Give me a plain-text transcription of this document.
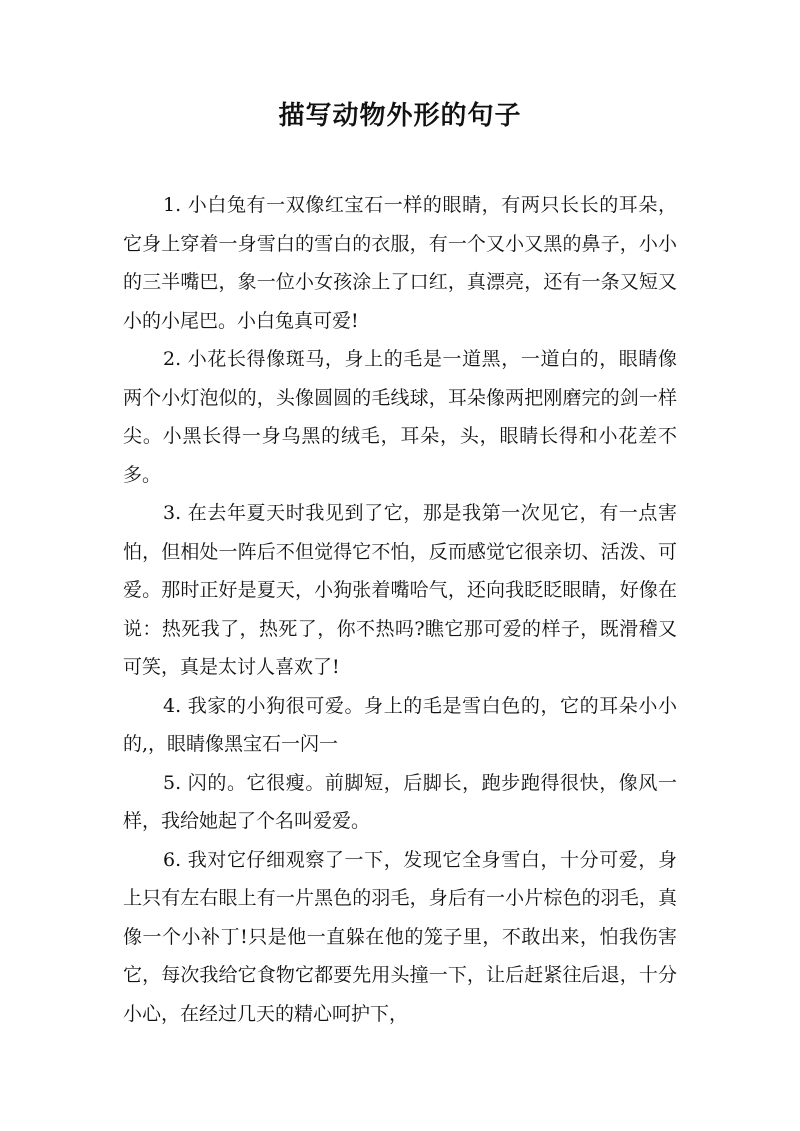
描写动物外形的句子

1. 小白兔有一双像红宝石一样的眼睛，有两只长长的耳朵，它身上穿着一身雪白的雪白的衣服，有一个又小又黑的鼻子，小小的三半嘴巴，象一位小女孩涂上了口红，真漂亮，还有一条又短又小的小尾巴。小白兔真可爱!

2. 小花长得像斑马，身上的毛是一道黑，一道白的，眼睛像两个小灯泡似的，头像圆圆的毛线球，耳朵像两把刚磨完的剑一样尖。小黑长得一身乌黑的绒毛，耳朵，头，眼睛长得和小花差不多。

3. 在去年夏天时我见到了它，那是我第一次见它，有一点害怕，但相处一阵后不但觉得它不怕，反而感觉它很亲切、活泼、可爱。那时正好是夏天，小狗张着嘴哈气，还向我眨眨眼睛，好像在说：热死我了，热死了，你不热吗?瞧它那可爱的样子，既滑稽又可笑，真是太讨人喜欢了!

4. 我家的小狗很可爱。身上的毛是雪白色的，它的耳朵小小的,，眼睛像黑宝石一闪一

5. 闪的。它很瘦。前脚短，后脚长，跑步跑得很快，像风一样，我给她起了个名叫爱爱。

6. 我对它仔细观察了一下，发现它全身雪白，十分可爱，身上只有左右眼上有一片黑色的羽毛，身后有一小片棕色的羽毛，真像一个小补丁!只是他一直躲在他的笼子里，不敢出来，怕我伤害它，每次我给它食物它都要先用头撞一下，让后赶紧往后退，十分小心，在经过几天的精心呵护下，
